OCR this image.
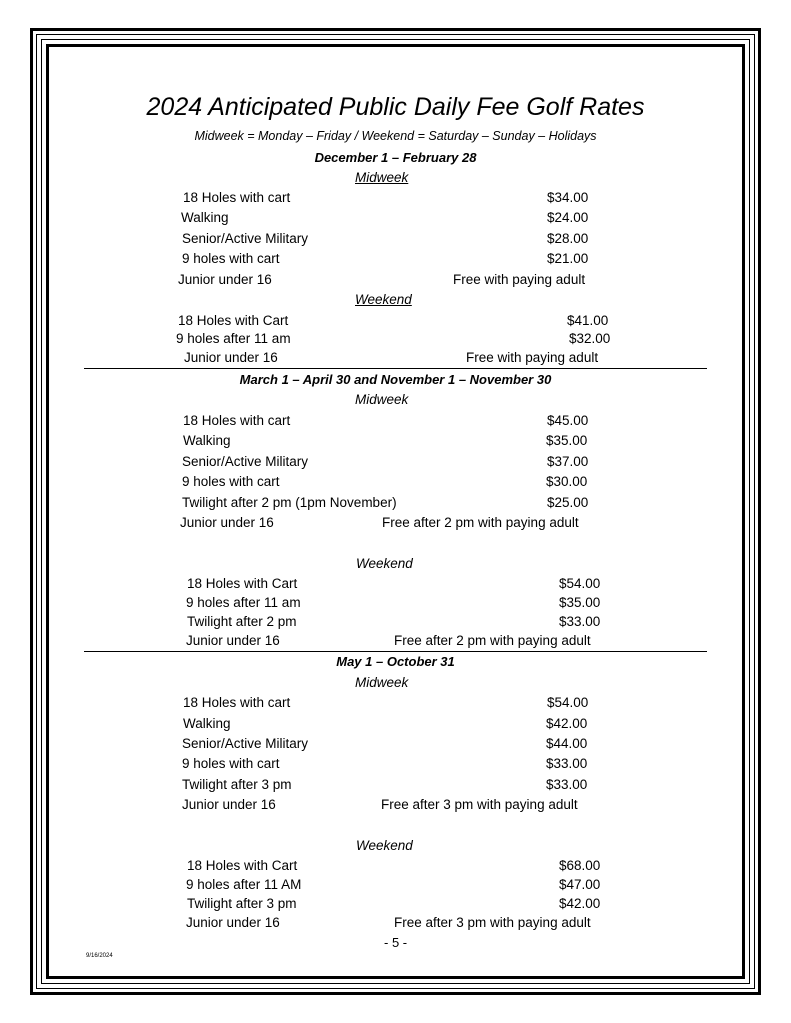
2024 Anticipated Public Daily Fee Golf Rates
Midweek = Monday – Friday / Weekend = Saturday – Sunday – Holidays
December 1 – February 28
Midweek
18 Holes with cart	$34.00
Walking	$24.00
Senior/Active Military	$28.00
9 holes with cart	$21.00
Junior under 16	Free with paying adult
Weekend
18 Holes with Cart	$41.00
9 holes after 11 am	$32.00
Junior under 16	Free with paying adult
March 1 – April 30 and November 1 – November 30
Midweek
18 Holes with cart	$45.00
Walking	$35.00
Senior/Active Military	$37.00
9 holes with cart	$30.00
Twilight after 2 pm (1pm November)	$25.00
Junior under 16	Free after 2 pm with paying adult
Weekend
18 Holes with Cart	$54.00
9 holes after 11 am	$35.00
Twilight after 2 pm	$33.00
Junior under 16	Free after 2 pm with paying adult
May 1 – October 31
Midweek
18 Holes with cart	$54.00
Walking	$42.00
Senior/Active Military	$44.00
9 holes with cart	$33.00
Twilight after 3 pm	$33.00
Junior under 16	Free after 3 pm with paying adult
Weekend
18 Holes with Cart	$68.00
9 holes after 11 AM	$47.00
Twilight after 3 pm	$42.00
Junior under 16	Free after 3 pm with paying adult
- 5 -
9/16/2024
